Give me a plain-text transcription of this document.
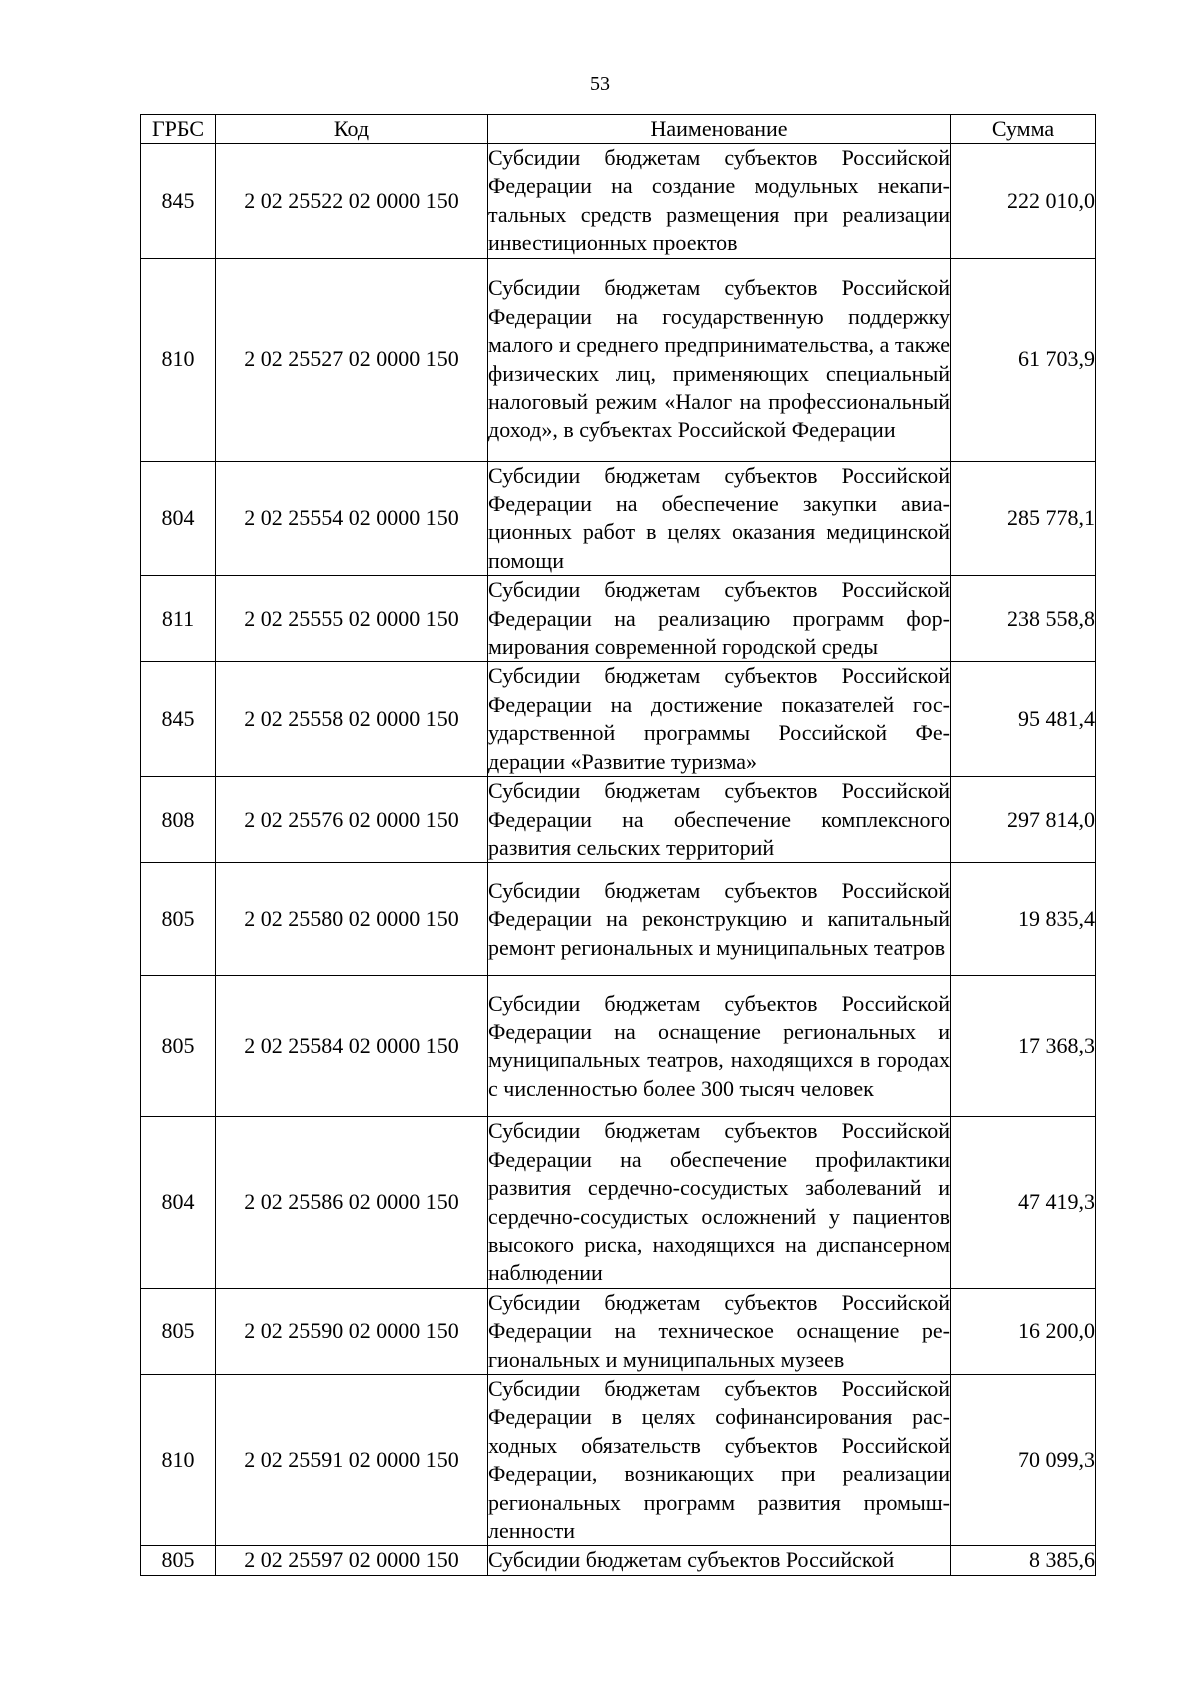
53
ГРБС	Код	Наименование	Сумма
845	2 02 25522 02 0000 150	Субсидии бюджетам субъектов Российской Федерации на создание модульных некапитальных средств размещения при реализации инвестиционных проектов	222 010,0
810	2 02 25527 02 0000 150	Субсидии бюджетам субъектов Российской Федерации на государственную поддержку малого и среднего предпринимательства, а также физических лиц, применяющих специальный налоговый режим «Налог на профессиональный доход», в субъектах Российской Федерации	61 703,9
804	2 02 25554 02 0000 150	Субсидии бюджетам субъектов Российской Федерации на обеспечение закупки авиационных работ в целях оказания медицинской помощи	285 778,1
811	2 02 25555 02 0000 150	Субсидии бюджетам субъектов Российской Федерации на реализацию программ формирования современной городской среды	238 558,8
845	2 02 25558 02 0000 150	Субсидии бюджетам субъектов Российской Федерации на достижение показателей государственной программы Российской Федерации «Развитие туризма»	95 481,4
808	2 02 25576 02 0000 150	Субсидии бюджетам субъектов Российской Федерации на обеспечение комплексного развития сельских территорий	297 814,0
805	2 02 25580 02 0000 150	Субсидии бюджетам субъектов Российской Федерации на реконструкцию и капитальный ремонт региональных и муниципальных театров	19 835,4
805	2 02 25584 02 0000 150	Субсидии бюджетам субъектов Российской Федерации на оснащение региональных и муниципальных театров, находящихся в городах с численностью более 300 тысяч человек	17 368,3
804	2 02 25586 02 0000 150	Субсидии бюджетам субъектов Российской Федерации на обеспечение профилактики развития сердечно-сосудистых заболеваний и сердечно-сосудистых осложнений у пациентов высокого риска, находящихся на диспансерном наблюдении	47 419,3
805	2 02 25590 02 0000 150	Субсидии бюджетам субъектов Российской Федерации на техническое оснащение региональных и муниципальных музеев	16 200,0
810	2 02 25591 02 0000 150	Субсидии бюджетам субъектов Российской Федерации в целях софинансирования расходных обязательств субъектов Российской Федерации, возникающих при реализации региональных программ развития промышленности	70 099,3
805	2 02 25597 02 0000 150	Субсидии бюджетам субъектов Российской	8 385,6
